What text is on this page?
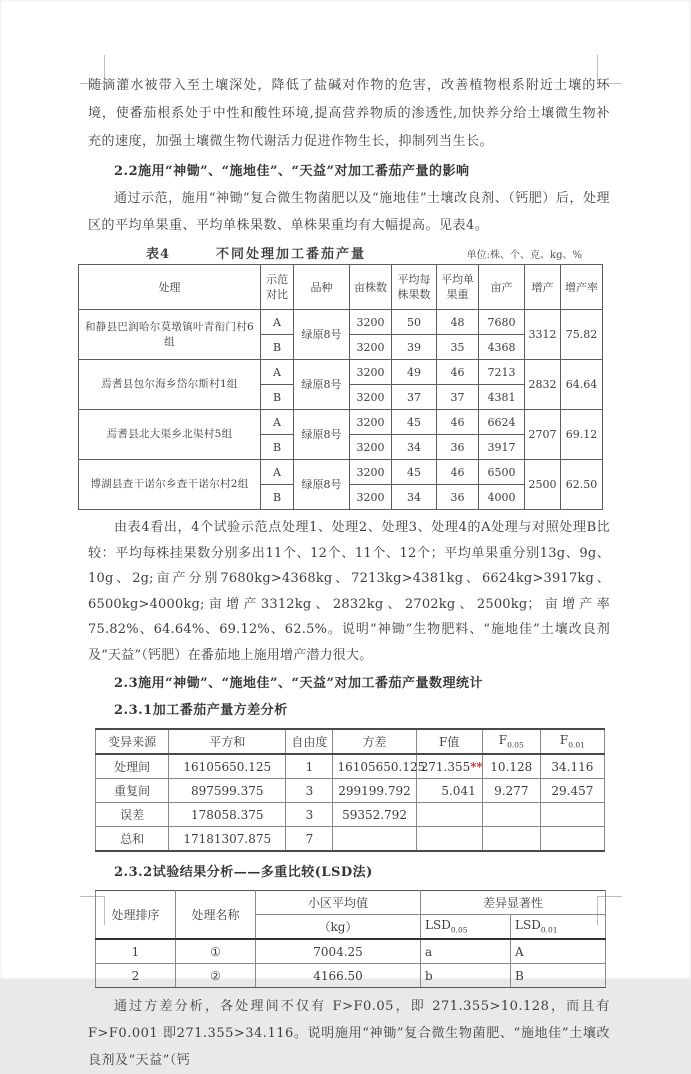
随滴灌水被带入至土壤深处，降低了盐碱对作物的危害，改善植物根系附近土壤的环境，使番茄根系处于中性和酸性环境,提高营养物质的渗透性,加快养分给土壤微生物补充的速度，加强土壤微生物代谢活力促进作物生长，抑制列当生长。

2.2施用“神锄”、“施地佳”、“天益”对加工番茄产量的影响

通过示范，施用“神锄”复合微生物菌肥以及“施地佳”土壤改良剂、（钙肥）后，处理区的平均单果重、平均单株果数、单株果重均有大幅提高。见表4。

表4	不同处理加工番茄产量	单位:株、个、克、kg、%
处理	示范对比	品种	亩株数	平均每株果数	平均单果重	亩产	增产	增产率
和静县巴润哈尔莫墩镇叶青衔门村6组	A	绿原8号	3200	50	48	7680	3312	75.82
	B		3200	39	35	4368		
焉耆县包尔海乡岱尔斯村1组	A	绿原8号	3200	49	46	7213	2832	64.64
	B		3200	37	37	4381		
焉耆县北大渠乡北渠村5组	A	绿原8号	3200	45	46	6624	2707	69.12
	B		3200	34	36	3917		
博湖县查干诺尔乡查干诺尔村2组	A	绿原8号	3200	45	46	6500	2500	62.50
	B		3200	34	36	4000		

由表4看出，4个试验示范点处理1、处理2、处理3、处理4的A处理与对照处理B比较：平均每株挂果数分别多出11个、12个、11个、12个；平均单果重分别13g、9g、10g、2g;亩产分别7680kg>4368kg、7213kg>4381kg、6624kg>3917kg、6500kg>4000kg;亩增产3312kg、2832kg、2702kg、2500kg；亩增产率75.82%、64.64%、69.12%、62.5%。说明“神锄”生物肥料、“施地佳”土壤改良剂及“天益”（钙肥）在番茄地上施用增产潜力很大。

2.3施用“神锄”、“施地佳”、“天益”对加工番茄产量数理统计
2.3.1加工番茄产量方差分析
变异来源	平方和	自由度	方差	F值	$F_{0.05}$	$F_{0.01}$
处理间	16105650.125	1	16105650.125	271.355**	10.128	34.116
重复间	897599.375	3	299199.792	5.041	9.277	29.457
误差	178058.375	3	59352.792			
总和	17181307.875	7				
2.3.2试验结果分析——多重比较(LSD法)
处理排序	处理名称	小区平均值	差异显著性	
		（kg）	$LSD_{0.05}$	$LSD_{0.01}$
1	①	7004.25	a	A
2	②	4166.50	b	B

通过方差分析，各处理间不仅有 F>F0.05，即 271.355>10.128，而且有 F>F0.001 即271.355>34.116。说明施用“神锄”复合微生物菌肥、“施地佳”土壤改良剂及“天益”（钙
